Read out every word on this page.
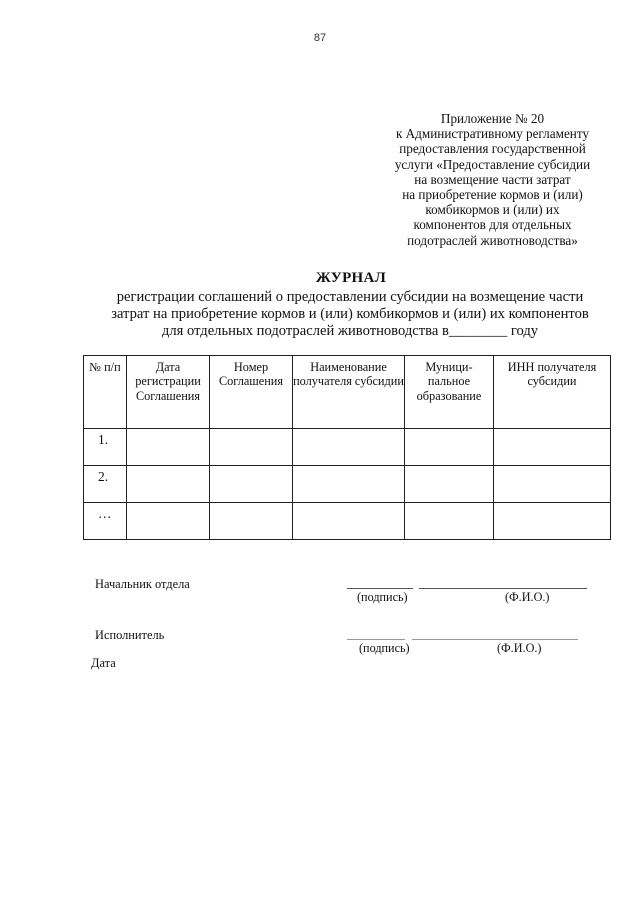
87
Приложение № 20
к Административному регламенту
предоставления государственной
услуги «Предоставление субсидии
на возмещение части затрат
на приобретение кормов и (или)
комбикормов и (или) их
компонентов для отдельных
подотраслей животноводства»
ЖУРНАЛ
регистрации соглашений о предоставлении субсидии на возмещение части
затрат на приобретение кормов и (или) комбикормов и (или) их компонентов
для отдельных подотраслей животноводства в________ году
№ п/п	Дата регистрации Соглашения	Номер Соглашения	Наименование получателя субсидии	Муници-пальное образование	ИНН получателя субсидии
1.					
2.					
…					
Начальник отдела
(подпись)	(Ф.И.О.)
Исполнитель
(подпись)	(Ф.И.О.)
Дата
